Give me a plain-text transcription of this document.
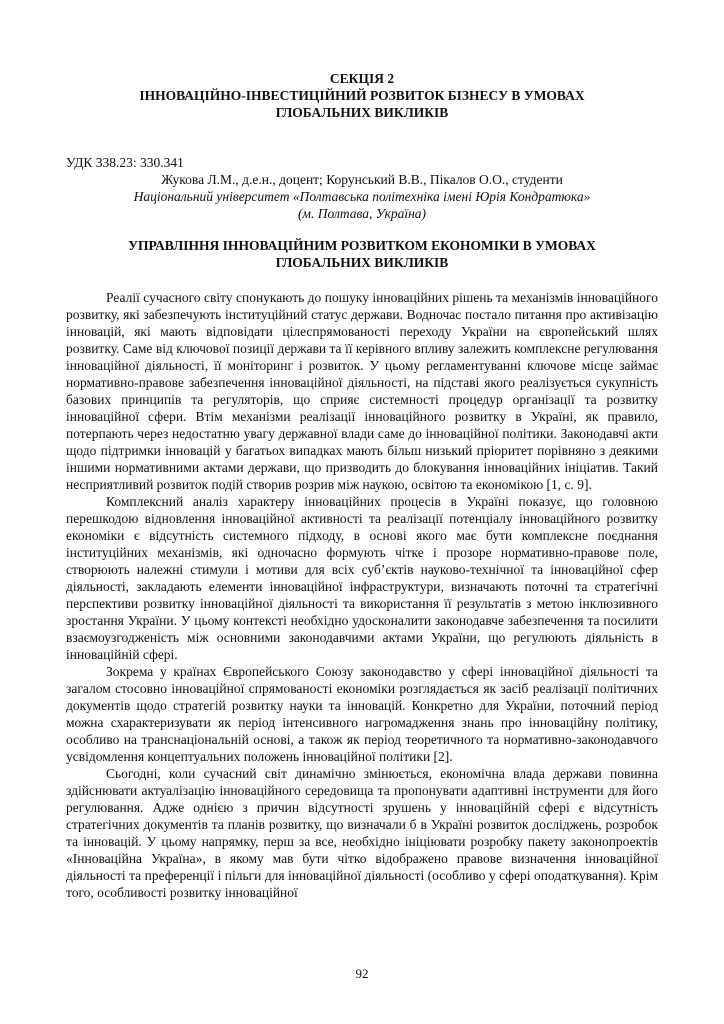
СЕКЦІЯ 2
ІННОВАЦІЙНО-ІНВЕСТИЦІЙНИЙ РОЗВИТОК БІЗНЕСУ В УМОВАХ
ГЛОБАЛЬНИХ ВИКЛИКІВ
УДК 338.23: 330.341
Жукова Л.М., д.е.н., доцент; Корунський В.В., Пікалов О.О., студенти
Національний університет «Полтавська політехніка імені Юрія Кондратюка»
(м. Полтава, Україна)
УПРАВЛІННЯ ІННОВАЦІЙНИМ РОЗВИТКОМ ЕКОНОМІКИ В УМОВАХ
ГЛОБАЛЬНИХ ВИКЛИКІВ

Реалії сучасного світу спонукають до пошуку інноваційних рішень та механізмів інноваційного розвитку, які забезпечують інституційний статус держави. Водночас постало питання про активізацію інновацій, які мають відповідати цілеспрямованості переходу України на європейський шлях розвитку. Саме від ключової позиції держави та її керівного впливу залежить комплексне регулювання інноваційної діяльності, її моніторинг і розвиток. У цьому регламентуванні ключове місце займає нормативно-правове забезпечення інноваційної діяльності, на підставі якого реалізується сукупність базових принципів та регуляторів, що сприяє системності процедур організації та розвитку інноваційної сфери. Втім механізми реалізації інноваційного розвитку в Україні, як правило, потерпають через недостатню увагу державної влади саме до інноваційної політики. Законодавчі акти щодо підтримки інновацій у багатьох випадках мають більш низький пріоритет порівняно з деякими іншими нормативними актами держави, що призводить до блокування інноваційних ініціатив. Такий несприятливий розвиток подій створив розрив між наукою, освітою та економікою [1, с. 9].

Комплексний аналіз характеру інноваційних процесів в Україні показує, що головною перешкодою відновлення інноваційної активності та реалізації потенціалу інноваційного розвитку економіки є відсутність системного підходу, в основі якого має бути комплексне поєднання інституційних механізмів, які одночасно формують чітке і прозоре нормативно-правове поле, створюють належні стимули і мотиви для всіх суб’єктів науково-технічної та інноваційної сфер діяльності, закладають елементи інноваційної інфраструктури, визначають поточні та стратегічні перспективи розвитку інноваційної діяльності та використання її результатів з метою інклюзивного зростання України. У цьому контексті необхідно удосконалити законодавче забезпечення та посилити взаємоузгодженість між основними законодавчими актами України, що регулюють діяльність в інноваційній сфері.

Зокрема у країнах Європейського Союзу законодавство у сфері інноваційної діяльності та загалом стосовно інноваційної спрямованості економіки розглядається як засіб реалізації політичних документів щодо стратегій розвитку науки та інновацій. Конкретно для України, поточний період можна схарактеризувати як період інтенсивного нагромадження знань про інноваційну політику, особливо на транснаціональній основі, а також як період теоретичного та нормативно-законодавчого усвідомлення концептуальних положень інноваційної політики [2].

Сьогодні, коли сучасний світ динамічно змінюється, економічна влада держави повинна здійснювати актуалізацію інноваційного середовища та пропонувати адаптивні інструменти для його регулювання. Адже однією з причин відсутності зрушень у інноваційній сфері є відсутність стратегічних документів та планів розвитку, що визначали б в Україні розвиток досліджень, розробок та інновацій. У цьому напрямку, перш за все, необхідно ініціювати розробку пакету законопроектів «Інноваційна Україна», в якому мав бути чітко відображено правове визначення інноваційної діяльності та преференції і пільги для інноваційної діяльності (особливо у сфері оподаткування). Крім того, особливості розвитку інноваційної

92
